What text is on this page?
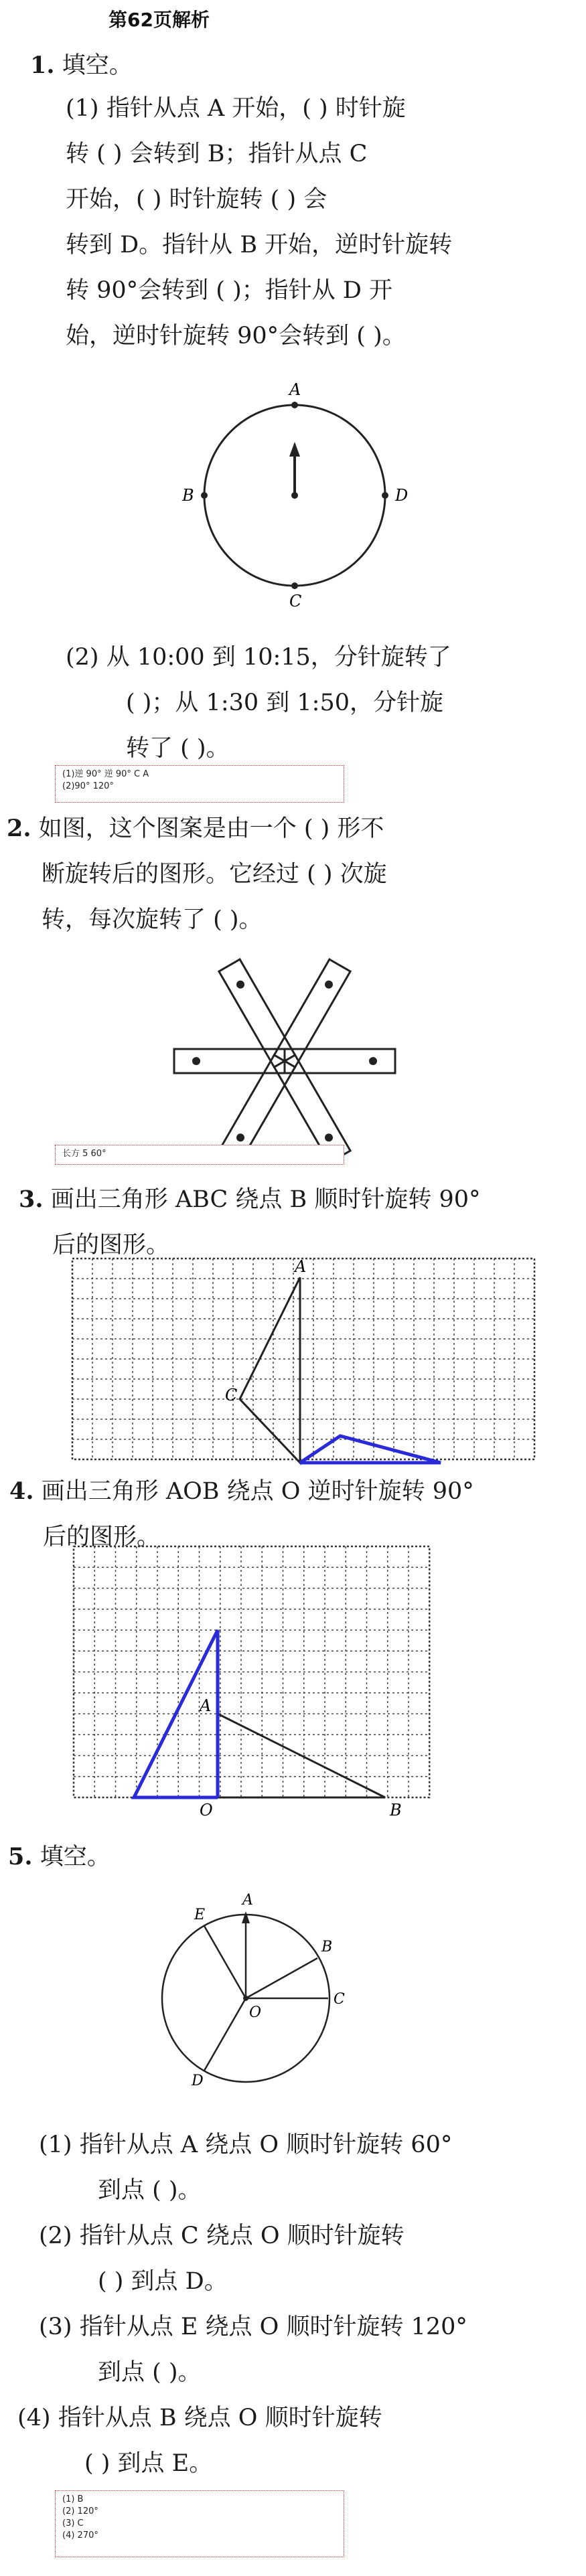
第62页解析
1. 填空。
(1) 指针从点 A 开始，( ) 时针旋
转 ( ) 会转到 B；指针从点 C
开始，( ) 时针旋转 ( ) 会
转到 D。指针从 B 开始，逆时针旋转
转 90°会转到 ( )；指针从 D 开
始，逆时针旋转 90°会转到 ( )。
A
B
C
D
(2) 从 10:00 到 10:15，分针旋转了
( )；从 1:30 到 1:50，分针旋
转了 ( )。
(1)逆 90° 逆 90° C A
(2)90° 120°
2. 如图，这个图案是由一个 ( ) 形不
断旋转后的图形。它经过 ( ) 次旋
转，每次旋转了 ( )。
长方 5 60°
3. 画出三角形 ABC 绕点 B 顺时针旋转 90°
后的图形。
A
C
4. 画出三角形 AOB 绕点 O 逆时针旋转 90°
后的图形。
A
O	B
5. 填空。
A
B
C
D
E
O
(1) 指针从点 A 绕点 O 顺时针旋转 60°
到点 ( )。
(2) 指针从点 C 绕点 O 顺时针旋转
( ) 到点 D。
(3) 指针从点 E 绕点 O 顺时针旋转 120°
到点 ( )。
(4) 指针从点 B 绕点 O 顺时针旋转
( ) 到点 E。
(1) B
(2) 120°
(3) C
(4) 270°
